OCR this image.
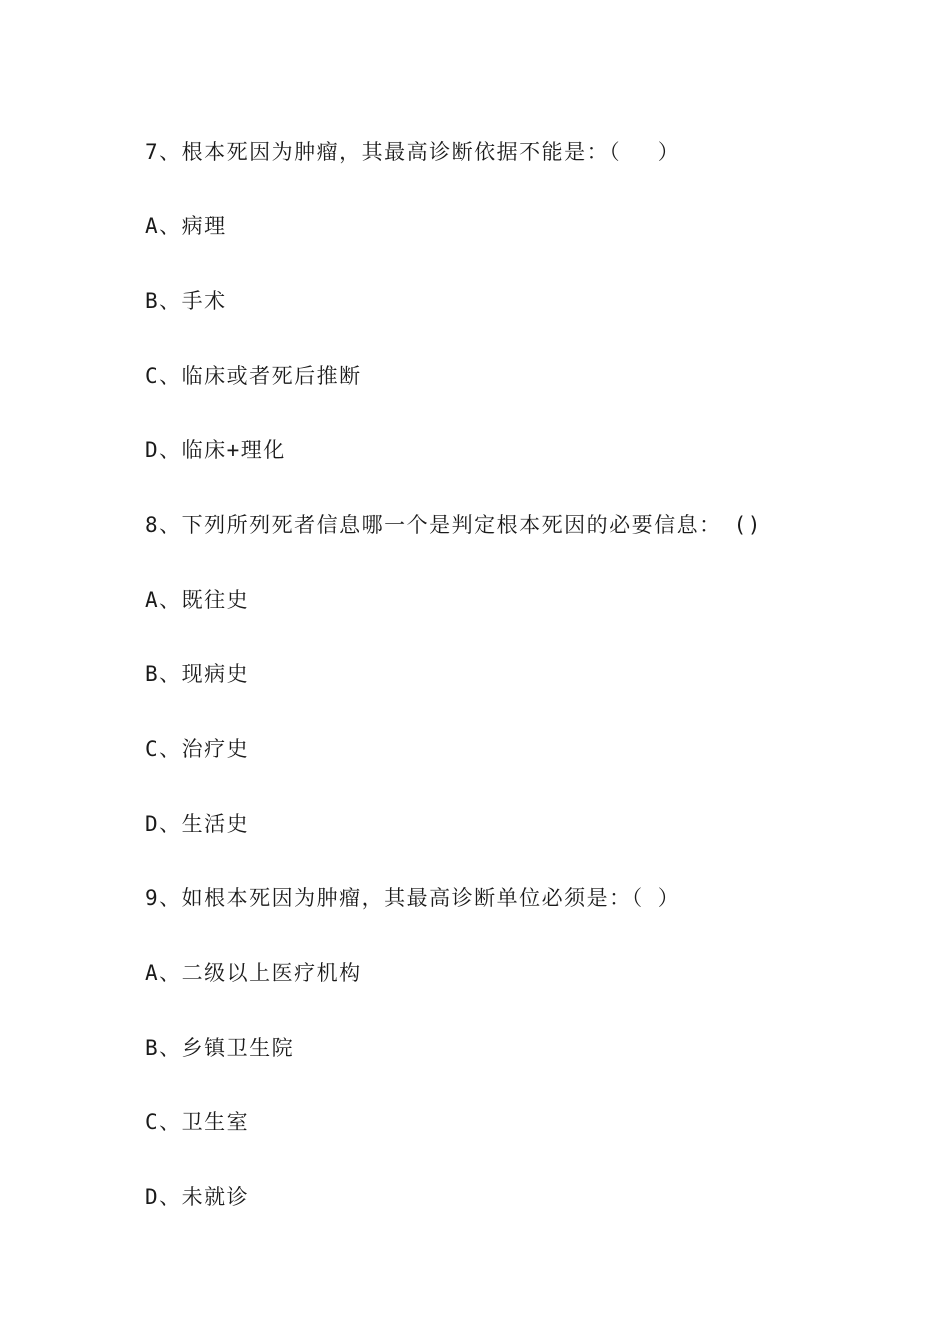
7、根本死因为肿瘤，其最高诊断依据不能是：（　 ）
A、病理
B、手术
C、临床或者死后推断
D、临床+理化
8、下列所列死者信息哪一个是判定根本死因的必要信息：　()
A、既往史
B、现病史
C、治疗史
D、生活史
9、如根本死因为肿瘤，其最高诊断单位必须是：（ ）
A、二级以上医疗机构
B、乡镇卫生院
C、卫生室
D、未就诊
